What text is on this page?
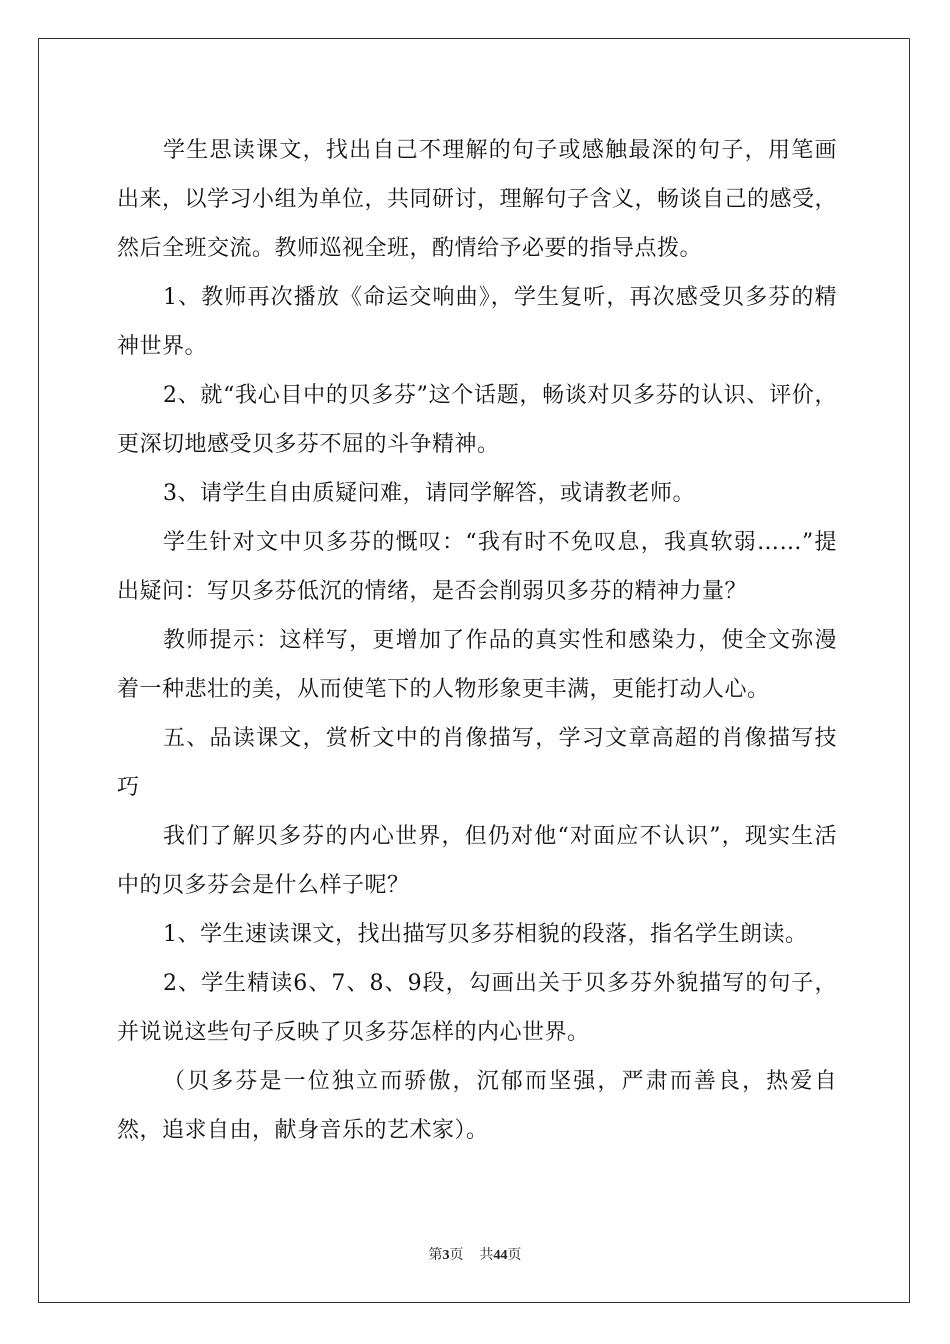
学生思读课文，找出自己不理解的句子或感触最深的句子，用笔画出来，以学习小组为单位，共同研讨，理解句子含义，畅谈自己的感受，然后全班交流。教师巡视全班，酌情给予必要的指导点拨。

1、教师再次播放《命运交响曲》，学生复听，再次感受贝多芬的精神世界。

2、就“我心目中的贝多芬”这个话题，畅谈对贝多芬的认识、评价，更深切地感受贝多芬不屈的斗争精神。

3、请学生自由质疑问难，请同学解答，或请教老师。

学生针对文中贝多芬的慨叹：“我有时不免叹息，我真软弱……”提出疑问：写贝多芬低沉的情绪，是否会削弱贝多芬的精神力量？

教师提示：这样写，更增加了作品的真实性和感染力，使全文弥漫着一种悲壮的美，从而使笔下的人物形象更丰满，更能打动人心。

五、品读课文，赏析文中的肖像描写，学习文章高超的肖像描写技巧

我们了解贝多芬的内心世界，但仍对他“对面应不认识”，现实生活中的贝多芬会是什么样子呢？

1、学生速读课文，找出描写贝多芬相貌的段落，指名学生朗读。

2、学生精读6、7、8、9段，勾画出关于贝多芬外貌描写的句子，并说说这些句子反映了贝多芬怎样的内心世界。

（贝多芬是一位独立而骄傲，沉郁而坚强，严肃而善良，热爱自然，追求自由，献身音乐的艺术家）。

第3页 共44页
